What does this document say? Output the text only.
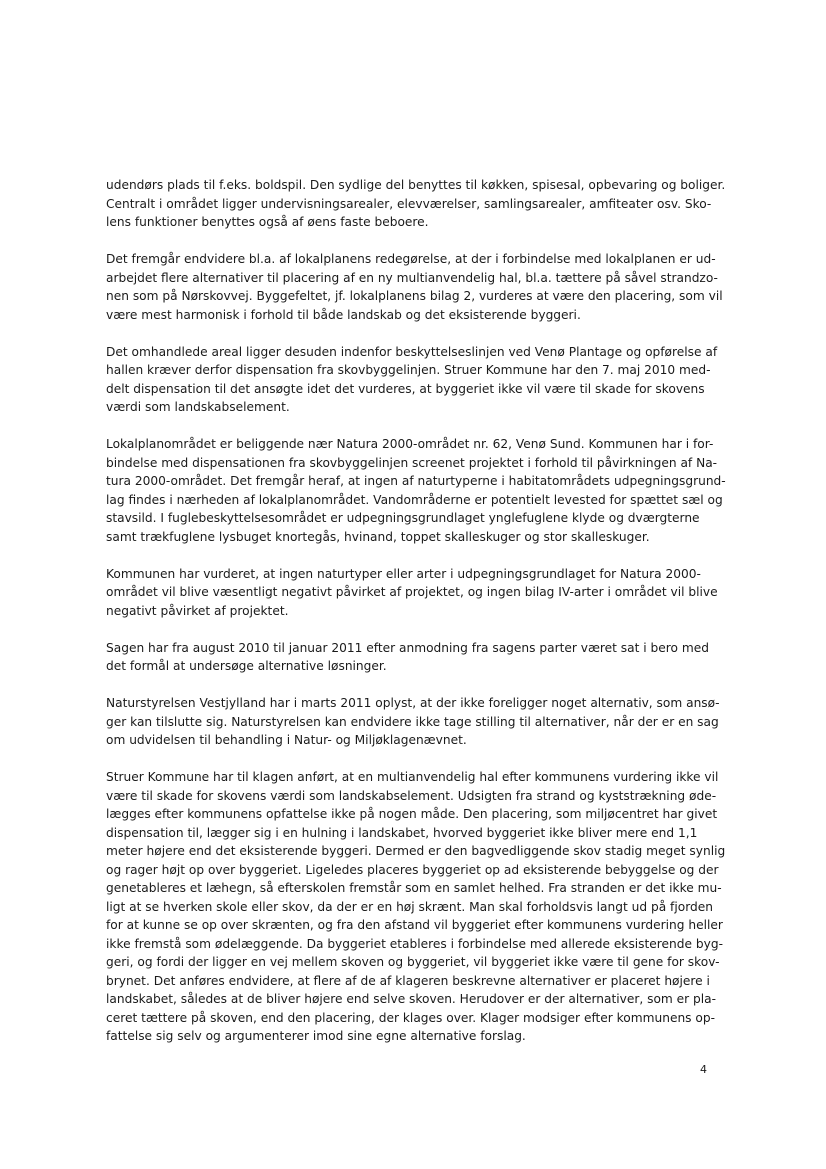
udendørs plads til f.eks. boldspil. Den sydlige del benyttes til køkken, spisesal, opbevaring og boliger.
Centralt i området ligger undervisningsarealer, elevværelser, samlingsarealer, amfiteater osv. Sko-
lens funktioner benyttes også af øens faste beboere.
Det fremgår endvidere bl.a. af lokalplanens redegørelse, at der i forbindelse med lokalplanen er ud-
arbejdet flere alternativer til placering af en ny multianvendelig hal, bl.a. tættere på såvel strandzo-
nen som på Nørskovvej. Byggefeltet, jf. lokalplanens bilag 2, vurderes at være den placering, som vil
være mest harmonisk i forhold til både landskab og det eksisterende byggeri.
Det omhandlede areal ligger desuden indenfor beskyttelseslinjen ved Venø Plantage og opførelse af
hallen kræver derfor dispensation fra skovbyggelinjen. Struer Kommune har den 7. maj 2010 med-
delt dispensation til det ansøgte idet det vurderes, at byggeriet ikke vil være til skade for skovens
værdi som landskabselement.
Lokalplanområdet er beliggende nær Natura 2000-området nr. 62, Venø Sund. Kommunen har i for-
bindelse med dispensationen fra skovbyggelinjen screenet projektet i forhold til påvirkningen af Na-
tura 2000-området. Det fremgår heraf, at ingen af naturtyperne i habitatområdets udpegningsgrund-
lag findes i nærheden af lokalplanområdet. Vandområderne er potentielt levested for spættet sæl og
stavsild. I fuglebeskyttelsesområdet er udpegningsgrundlaget ynglefuglene klyde og dværgterne
samt trækfuglene lysbuget knortegås, hvinand, toppet skalleskuger og stor skalleskuger.
Kommunen har vurderet, at ingen naturtyper eller arter i udpegningsgrundlaget for Natura 2000-
området vil blive væsentligt negativt påvirket af projektet, og ingen bilag IV-arter i området vil blive
negativt påvirket af projektet.
Sagen har fra august 2010 til januar 2011 efter anmodning fra sagens parter været sat i bero med
det formål at undersøge alternative løsninger.
Naturstyrelsen Vestjylland har i marts 2011 oplyst, at der ikke foreligger noget alternativ, som ansø-
ger kan tilslutte sig. Naturstyrelsen kan endvidere ikke tage stilling til alternativer, når der er en sag
om udvidelsen til behandling i Natur- og Miljøklagenævnet.
Struer Kommune har til klagen anført, at en multianvendelig hal efter kommunens vurdering ikke vil
være til skade for skovens værdi som landskabselement. Udsigten fra strand og kyststrækning øde-
lægges efter kommunens opfattelse ikke på nogen måde. Den placering, som miljøcentret har givet
dispensation til, lægger sig i en hulning i landskabet, hvorved byggeriet ikke bliver mere end 1,1
meter højere end det eksisterende byggeri. Dermed er den bagvedliggende skov stadig meget synlig
og rager højt op over byggeriet. Ligeledes placeres byggeriet op ad eksisterende bebyggelse og der
genetableres et læhegn, så efterskolen fremstår som en samlet helhed. Fra stranden er det ikke mu-
ligt at se hverken skole eller skov, da der er en høj skrænt. Man skal forholdsvis langt ud på fjorden
for at kunne se op over skrænten, og fra den afstand vil byggeriet efter kommunens vurdering heller
ikke fremstå som ødelæggende. Da byggeriet etableres i forbindelse med allerede eksisterende byg-
geri, og fordi der ligger en vej mellem skoven og byggeriet, vil byggeriet ikke være til gene for skov-
brynet. Det anføres endvidere, at flere af de af klageren beskrevne alternativer er placeret højere i
landskabet, således at de bliver højere end selve skoven. Herudover er der alternativer, som er pla-
ceret tættere på skoven, end den placering, der klages over. Klager modsiger efter kommunens op-
fattelse sig selv og argumenterer imod sine egne alternative forslag.
4
